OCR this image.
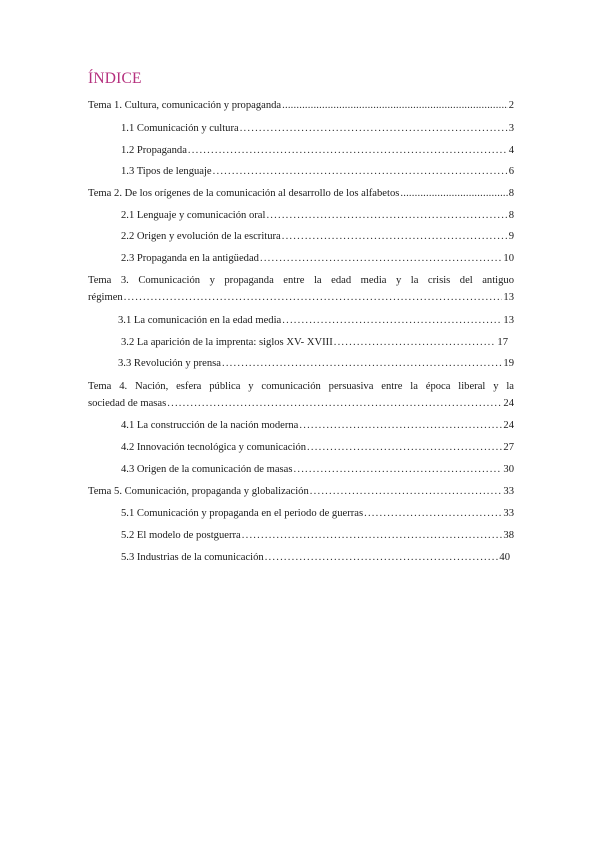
ÍNDICE
Tema 1. Cultura, comunicación y propaganda .....	2
1.1 Comunicación y cultura .....	3
1.2 Propaganda .....	4
1.3 Tipos de lenguaje .....	6
Tema 2. De los orígenes de la comunicación al desarrollo de los alfabetos .....	8
2.1 Lenguaje y comunicación oral .....	8
2.2 Origen y evolución de la escritura .....	9
2.3 Propaganda en la antigüedad .....	10
Tema 3. Comunicación y propaganda entre la edad media y la crisis del antiguo
régimen .....	13
3.1 La comunicación en la edad media .....	13
3.2 La aparición de la imprenta: siglos XV- XVIII .....	17
3.3 Revolución y prensa .....	19
Tema 4. Nación, esfera pública y comunicación persuasiva entre la época liberal y la
sociedad de masas .....	24
4.1 La construcción de la nación moderna .....	24
4.2 Innovación tecnológica y comunicación .....	27
4.3 Origen de la comunicación de masas .....	30
Tema 5. Comunicación, propaganda y globalización .....	33
5.1 Comunicación y propaganda en el periodo de guerras .....	33
5.2 El modelo de postguerra .....	38
5.3 Industrias de la comunicación .....	40
